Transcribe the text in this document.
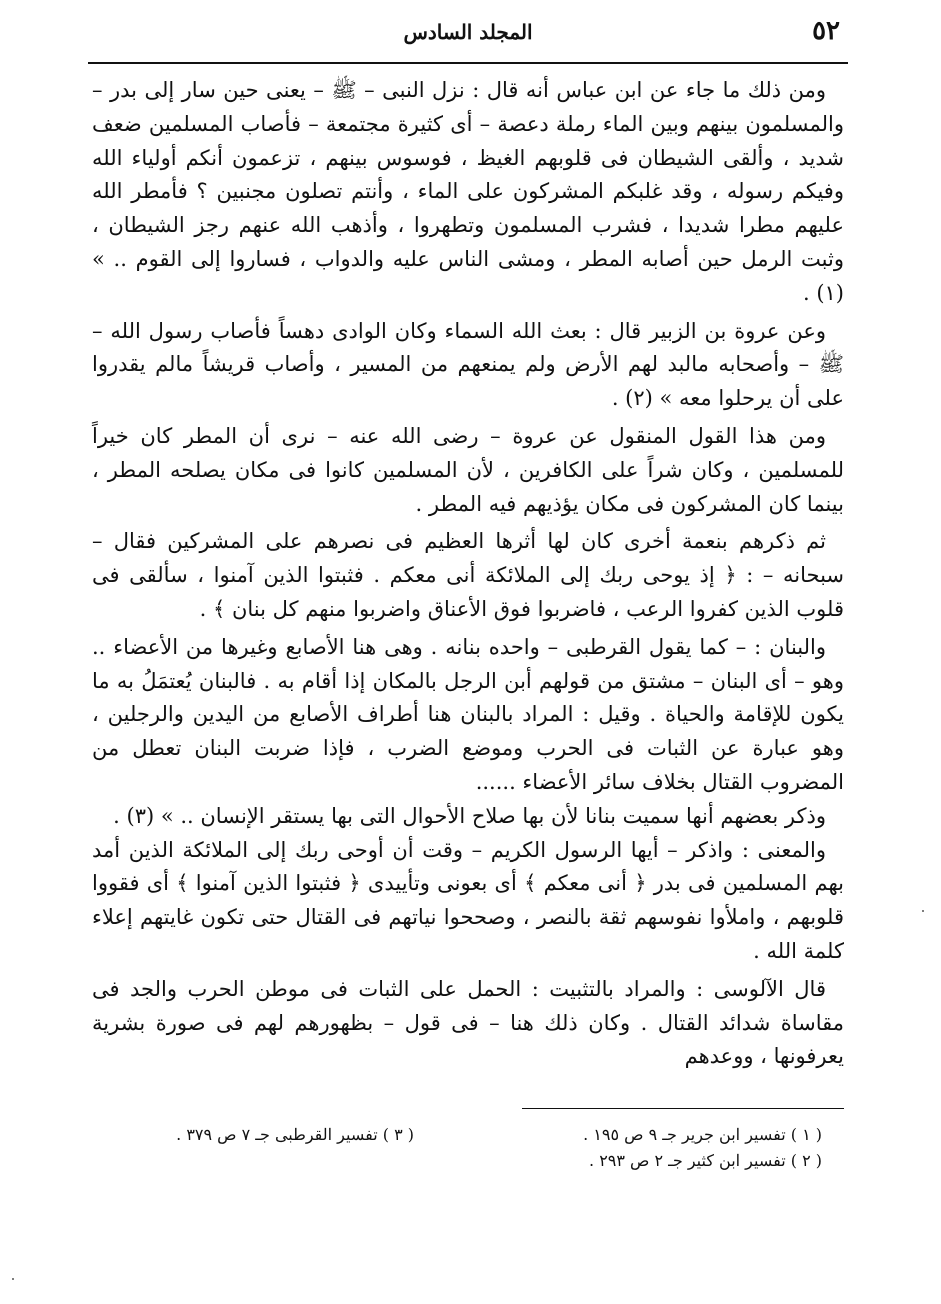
٥٢
المجلد السادس

ومن ذلك ما جاء عن ابن عباس أنه قال : نزل النبى – ﷺ – يعنى حين سار إلى بدر – والمسلمون بينهم وبين الماء رملة دعصة – أى كثيرة مجتمعة – فأصاب المسلمين ضعف شديد ، وألقى الشيطان فى قلوبهم الغيظ ، فوسوس بينهم ، تزعمون أنكم أولياء الله وفيكم رسوله ، وقد غلبكم المشركون على الماء ، وأنتم تصلون مجنبين ؟ فأمطر الله عليهم مطرا شديدا ، فشرب المسلمون وتطهروا ، وأذهب الله عنهم رجز الشيطان ، وثبت الرمل حين أصابه المطر ، ومشى الناس عليه والدواب ، فساروا إلى القوم .. » (١) .

وعن عروة بن الزبير قال : بعث الله السماء وكان الوادى دهساً فأصاب رسول الله – ﷺ – وأصحابه مالبد لهم الأرض ولم يمنعهم من المسير ، وأصاب قريشاً مالم يقدروا على أن يرحلوا معه » (٢) .

ومن هذا القول المنقول عن عروة – رضى الله عنه – نرى أن المطر كان خيراً للمسلمين ، وكان شراً على الكافرين ، لأن المسلمين كانوا فى مكان يصلحه المطر ، بينما كان المشركون فى مكان يؤذيهم فيه المطر .

ثم ذكرهم بنعمة أخرى كان لها أثرها العظيم فى نصرهم على المشركين فقال – سبحانه – : ﴿ إذ يوحى ربك إلى الملائكة أنى معكم . فثبتوا الذين آمنوا ، سألقى فى قلوب الذين كفروا الرعب ، فاضربوا فوق الأعناق واضربوا منهم كل بنان ﴾ .

والبنان : – كما يقول القرطبى – واحده بنانه . وهى هنا الأصابع وغيرها من الأعضاء .. وهو – أى البنان – مشتق من قولهم أبن الرجل بالمكان إذا أقام به . فالبنان يُعتمَلُ به ما يكون للإقامة والحياة . وقيل : المراد بالبنان هنا أطراف الأصابع من اليدين والرجلين ، وهو عبارة عن الثبات فى الحرب وموضع الضرب ، فإذا ضربت البنان تعطل من المضروب القتال بخلاف سائر الأعضاء ......

وذكر بعضهم أنها سميت بنانا لأن بها صلاح الأحوال التى بها يستقر الإنسان .. » (٣) .

والمعنى : واذكر – أيها الرسول الكريم – وقت أن أوحى ربك إلى الملائكة الذين أمد بهم المسلمين فى بدر ﴿ أنى معكم ﴾ أى بعونى وتأييدى ﴿ فثبتوا الذين آمنوا ﴾ أى فقووا قلوبهم ، واملأوا نفوسهم ثقة بالنصر ، وصححوا نياتهم فى القتال حتى تكون غايتهم إعلاء كلمة الله .

قال الآلوسى : والمراد بالتثبيت : الحمل على الثبات فى موطن الحرب والجد فى مقاساة شدائد القتال . وكان ذلك هنا – فى قول – بظهورهم لهم فى صورة بشرية يعرفونها ، ووعدهم

( ١ ) تفسير ابن جرير جـ ٩ ص ١٩٥ .
( ٢ ) تفسير ابن كثير جـ ٢ ص ٢٩٣ .
( ٣ ) تفسير القرطبى جـ ٧ ص ٣٧٩ .
